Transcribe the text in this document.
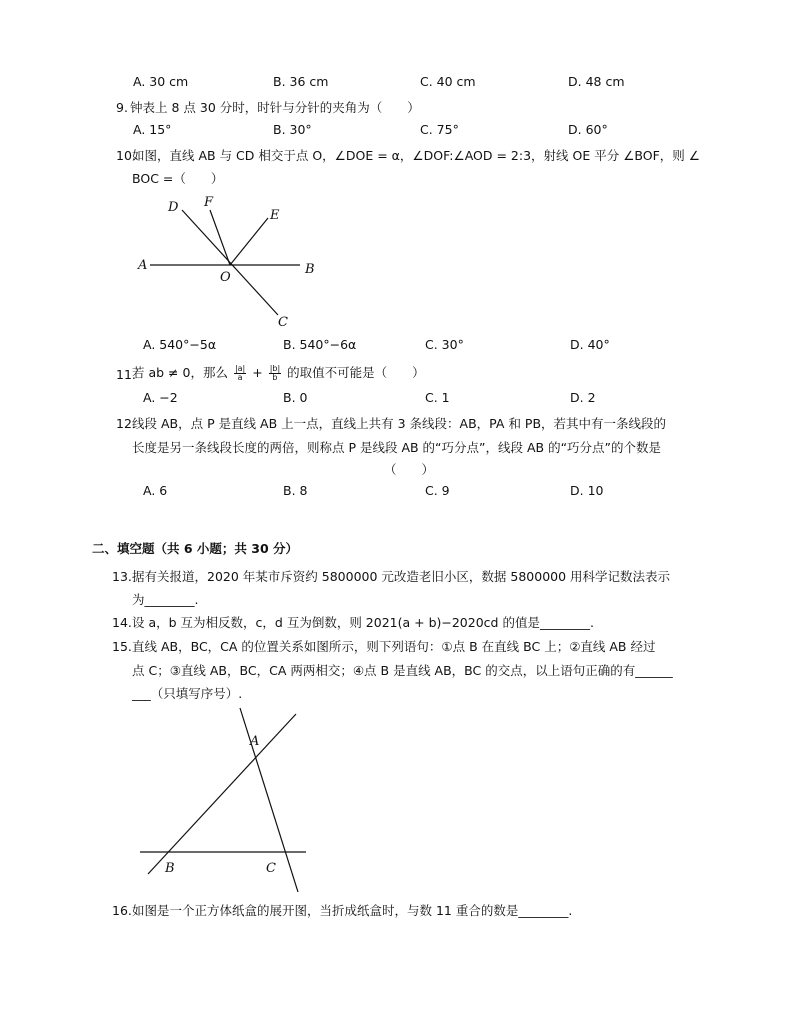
A. 30 cm	B. 36 cm	C. 40 cm	D. 48 cm
9. 钟表上 8 点 30 分时，时针与分针的夹角为（　　）
A. 15°	B. 30°	C. 75°	D. 60°
10.
如图，直线 AB 与 CD 相交于点 O，∠DOE = α，∠DOF:∠AOD = 2:3，射线 OE 平分 ∠BOF，则 ∠
BOC =（　　）
A	B
C
D
E
F
O
A. 540°−5α	B. 540°−6α	C. 30°	D. 40°
11.
若 ab ≠ 0，那么 $\frac{|a|}{a} + \frac{|b|}{b}$ 的取值不可能是（　　）
A. −2	B. 0	C. 1	D. 2
12.
线段 AB，点 P 是直线 AB 上一点，直线上共有 3 条线段：AB，PA 和 PB，若其中有一条线段的
长度是另一条线段长度的两倍，则称点 P 是线段 AB 的“巧分点”，线段 AB 的“巧分点”的个数是
（　　）
A. 6	B. 8	C. 9	D. 10
二、填空题（共 6 小题；共 30 分）
13. 据有关报道，2020 年某市斥资约 5800000 元改造老旧小区，数据 5800000 用科学记数法表示
为________.
14. 设 a，b 互为相反数，c，d 互为倒数，则 2021(a + b)−2020cd 的值是________.
15. 直线 AB，BC，CA 的位置关系如图所示，则下列语句：①点 B 在直线 BC 上；②直线 AB 经过
点 C；③直线 AB，BC，CA 两两相交；④点 B 是直线 AB，BC 的交点，以上语句正确的有______
___（只填写序号）.
A
B	C
16. 如图是一个正方体纸盒的展开图，当折成纸盒时，与数 11 重合的数是________.
